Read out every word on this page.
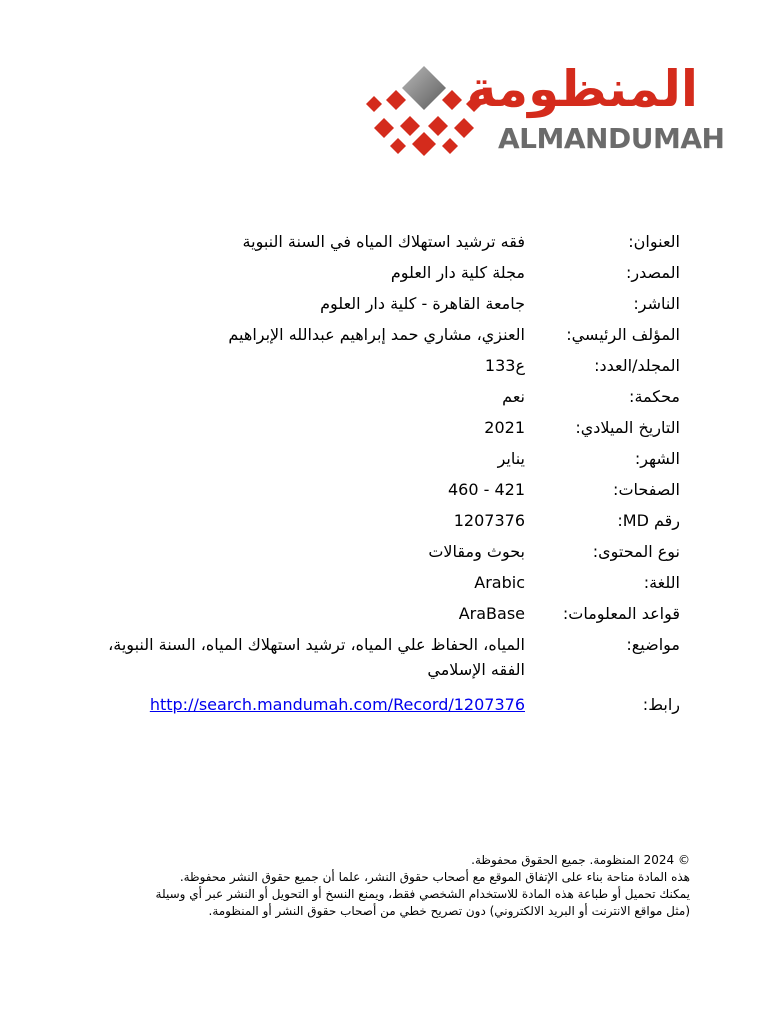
المنظومة
ALMANDUMAH
العنوان:
فقه ترشيد استهلاك المياه في السنة النبوية
المصدر:
مجلة كلية دار العلوم
الناشر:
جامعة القاهرة - كلية دار العلوم
المؤلف الرئيسي:
العنزي، مشاري حمد إبراهيم عبدالله الإبراهيم
المجلد/العدد:
ع133
محكمة:
نعم
التاريخ الميلادي:
2021
الشهر:
يناير
الصفحات:
421 - 460
رقم MD:
1207376
نوع المحتوى:
بحوث ومقالات
اللغة:
Arabic
قواعد المعلومات:
AraBase
مواضيع:
المياه، الحفاظ علي المياه، ترشيد استهلاك المياه، السنة النبوية، الفقه الإسلامي
رابط:
http://search.mandumah.com/Record/1207376

© 2024 المنظومة. جميع الحقوق محفوظة.

هذه المادة متاحة بناء على الإتفاق الموقع مع أصحاب حقوق النشر، علما أن جميع حقوق النشر محفوظة.

يمكنك تحميل أو طباعة هذه المادة للاستخدام الشخصي فقط، ويمنع النسخ أو التحويل أو النشر عبر أي وسيلة

(مثل مواقع الانترنت أو البريد الالكتروني) دون تصريح خطي من أصحاب حقوق النشر أو المنظومة.
